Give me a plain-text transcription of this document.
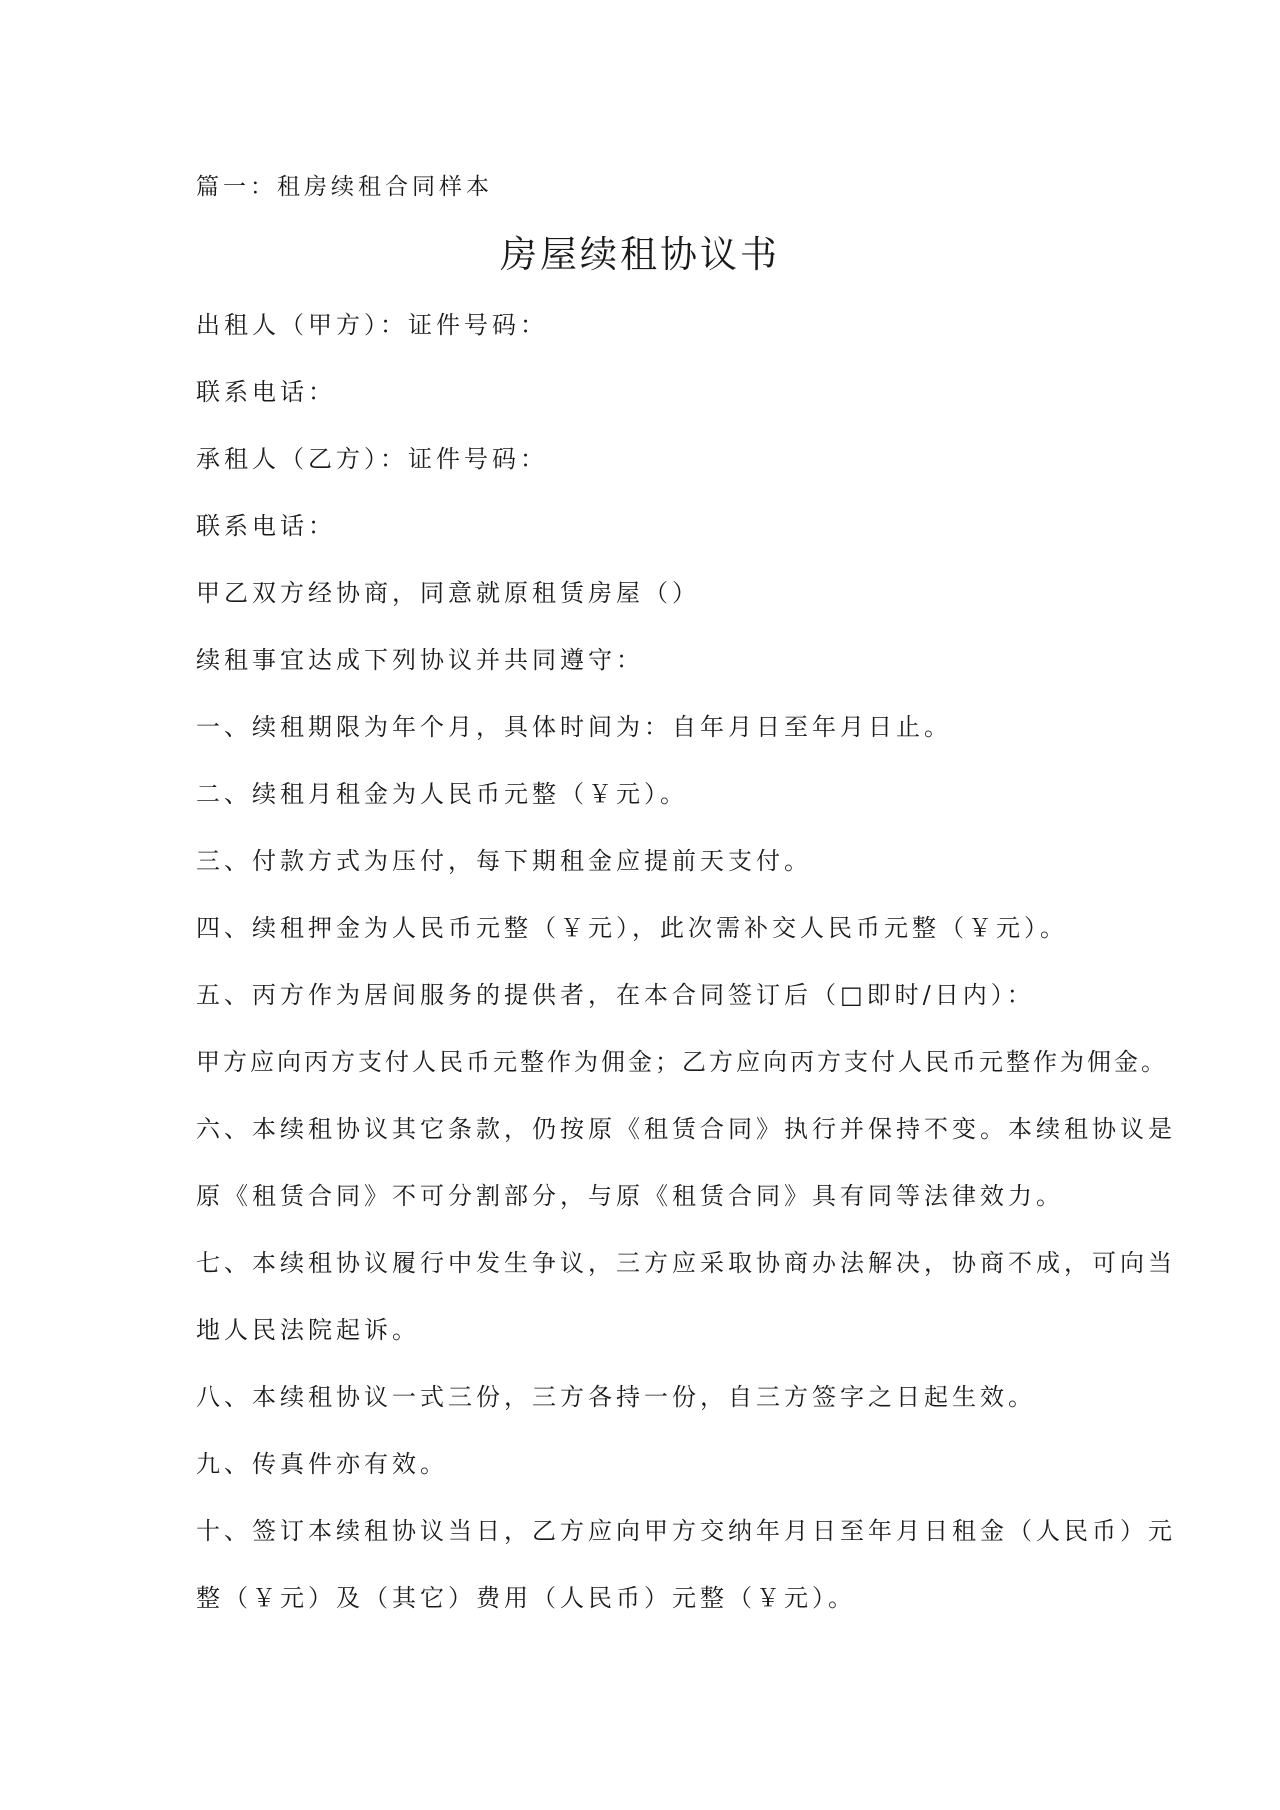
篇一：租房续租合同样本
房屋续租协议书
出租人（甲方）：证件号码：
联系电话：
承租人（乙方）：证件号码：
联系电话：
甲乙双方经协商，同意就原租赁房屋（）
续租事宜达成下列协议并共同遵守：
一、续租期限为年个月，具体时间为：自年月日至年月日止。
二、续租月租金为人民币元整（￥元）。
三、付款方式为压付，每下期租金应提前天支付。
四、续租押金为人民币元整（￥元），此次需补交人民币元整（￥元）。
五、丙方作为居间服务的提供者，在本合同签订后（□即时/日内）：
甲方应向丙方支付人民币元整作为佣金；乙方应向丙方支付人民币元整作为佣金。
六、本续租协议其它条款，仍按原《租赁合同》执行并保持不变。本续租协议是
原《租赁合同》不可分割部分，与原《租赁合同》具有同等法律效力。
七、本续租协议履行中发生争议，三方应采取协商办法解决，协商不成，可向当
地人民法院起诉。
八、本续租协议一式三份，三方各持一份，自三方签字之日起生效。
九、传真件亦有效。
十、签订本续租协议当日，乙方应向甲方交纳年月日至年月日租金（人民币）元
整（￥元）及（其它）费用（人民币）元整（￥元）。
